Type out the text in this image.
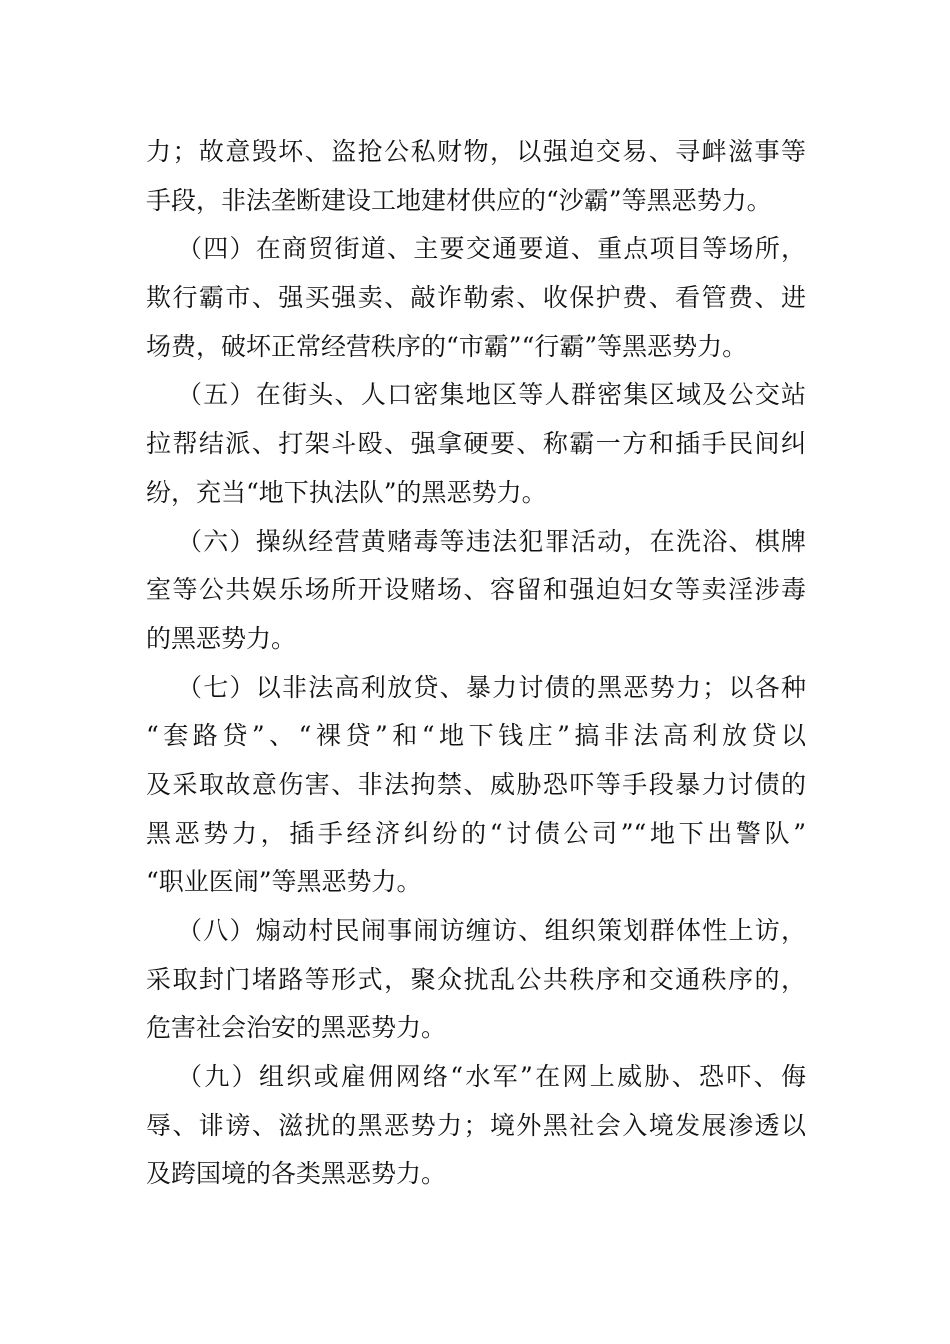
力；故意毁坏、盗抢公私财物，以强迫交易、寻衅滋事等
手段，非法垄断建设工地建材供应的“沙霸”等黑恶势力。
（四）在商贸街道、主要交通要道、重点项目等场所，
欺行霸市、强买强卖、敲诈勒索、收保护费、看管费、进
场费，破坏正常经营秩序的“市霸”“行霸”等黑恶势力。
（五）在街头、人口密集地区等人群密集区域及公交站
拉帮结派、打架斗殴、强拿硬要、称霸一方和插手民间纠
纷，充当“地下执法队”的黑恶势力。
（六）操纵经营黄赌毒等违法犯罪活动，在洗浴、棋牌
室等公共娱乐场所开设赌场、容留和强迫妇女等卖淫涉毒
的黑恶势力。
（七）以非法高利放贷、暴力讨债的黑恶势力；以各种
“套路贷”、“裸贷”和“地下钱庄”搞非法高利放贷以
及采取故意伤害、非法拘禁、威胁恐吓等手段暴力讨债的
黑恶势力，插手经济纠纷的“讨债公司”“地下出警队”
“职业医闹”等黑恶势力。
（八）煽动村民闹事闹访缠访、组织策划群体性上访，
采取封门堵路等形式，聚众扰乱公共秩序和交通秩序的，
危害社会治安的黑恶势力。
（九）组织或雇佣网络“水军”在网上威胁、恐吓、侮
辱、诽谤、滋扰的黑恶势力；境外黑社会入境发展渗透以
及跨国境的各类黑恶势力。
